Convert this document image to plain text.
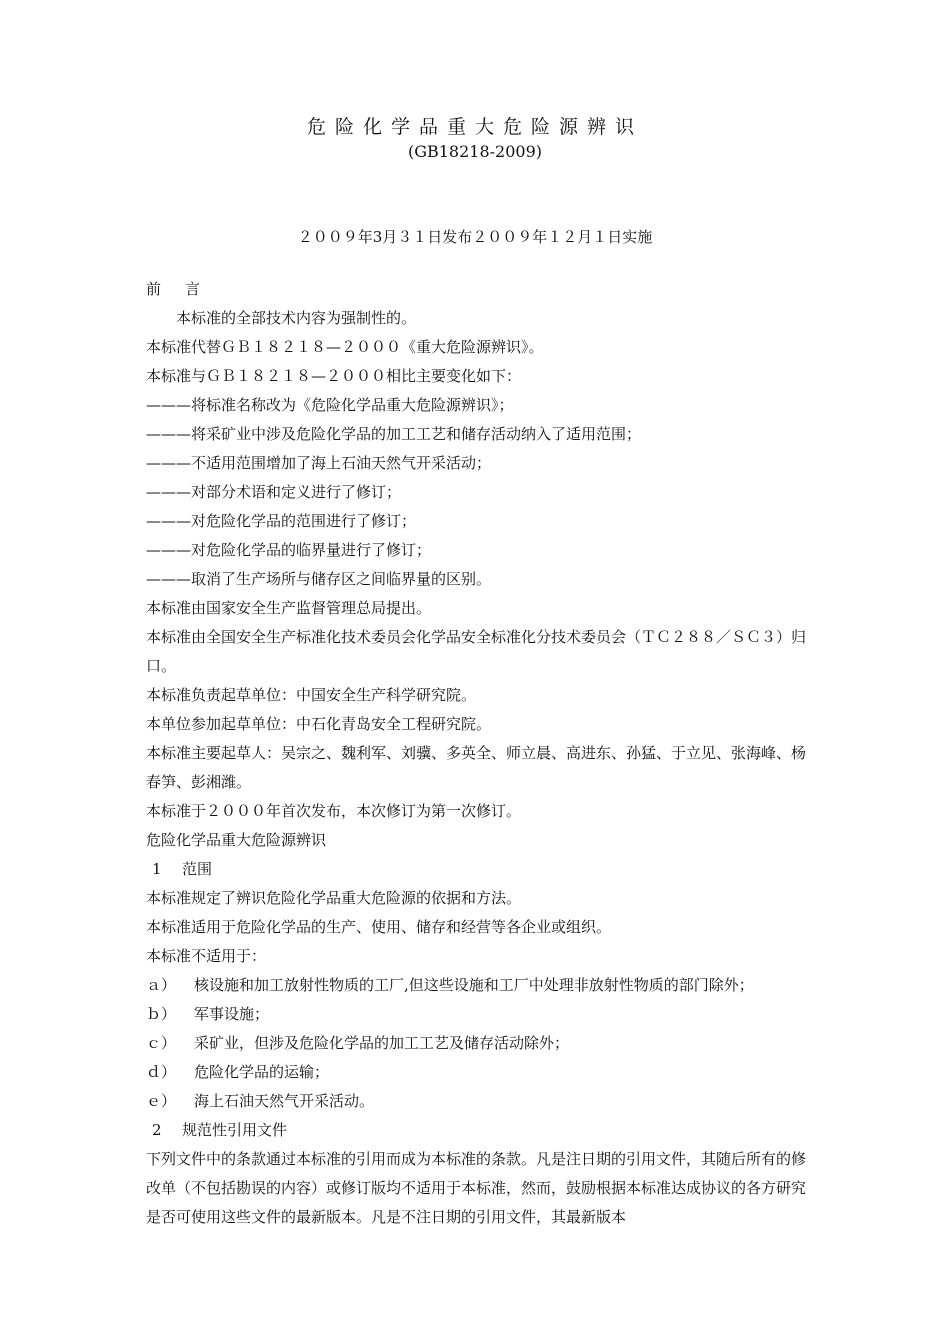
危险化学品重大危险源辨识
(GB18218-2009)
２００９年3月３１日发布２００９年１２月１日实施

前言

本标准的全部技术内容为强制性的。

本标准代替ＧＢ１８２１８—２０００《重大危险源辨识》。

本标准与ＧＢ１８２１８—２０００相比主要变化如下：

———将标准名称改为《危险化学品重大危险源辨识》；

———将采矿业中涉及危险化学品的加工工艺和储存活动纳入了适用范围；

———不适用范围增加了海上石油天然气开采活动；

———对部分术语和定义进行了修订；

———对危险化学品的范围进行了修订；

———对危险化学品的临界量进行了修订；

———取消了生产场所与储存区之间临界量的区别。

本标准由国家安全生产监督管理总局提出。

本标准由全国安全生产标准化技术委员会化学品安全标准化分技术委员会（ＴＣ２８８／ＳＣ３）归口。

本标准负责起草单位：中国安全生产科学研究院。

本单位参加起草单位：中石化青岛安全工程研究院。

本标准主要起草人：吴宗之、魏利军、刘骥、多英全、师立晨、高进东、孙猛、于立见、张海峰、杨春笋、彭湘潍。

本标准于２０００年首次发布，本次修订为第一次修订。

危险化学品重大危险源辨识

1 范围

本标准规定了辨识危险化学品重大危险源的依据和方法。

本标准适用于危险化学品的生产、使用、储存和经营等各企业或组织。

本标准不适用于：

ａ） 核设施和加工放射性物质的工厂,但这些设施和工厂中处理非放射性物质的部门除外；

ｂ） 军事设施；

ｃ） 采矿业，但涉及危险化学品的加工工艺及储存活动除外；

ｄ） 危险化学品的运输；

ｅ） 海上石油天然气开采活动。

2 规范性引用文件

下列文件中的条款通过本标准的引用而成为本标准的条款。凡是注日期的引用文件，其随后所有的修改单（不包括勘误的内容）或修订版均不适用于本标准，然而，鼓励根据本标准达成协议的各方研究是否可使用这些文件的最新版本。凡是不注日期的引用文件，其最新版本
